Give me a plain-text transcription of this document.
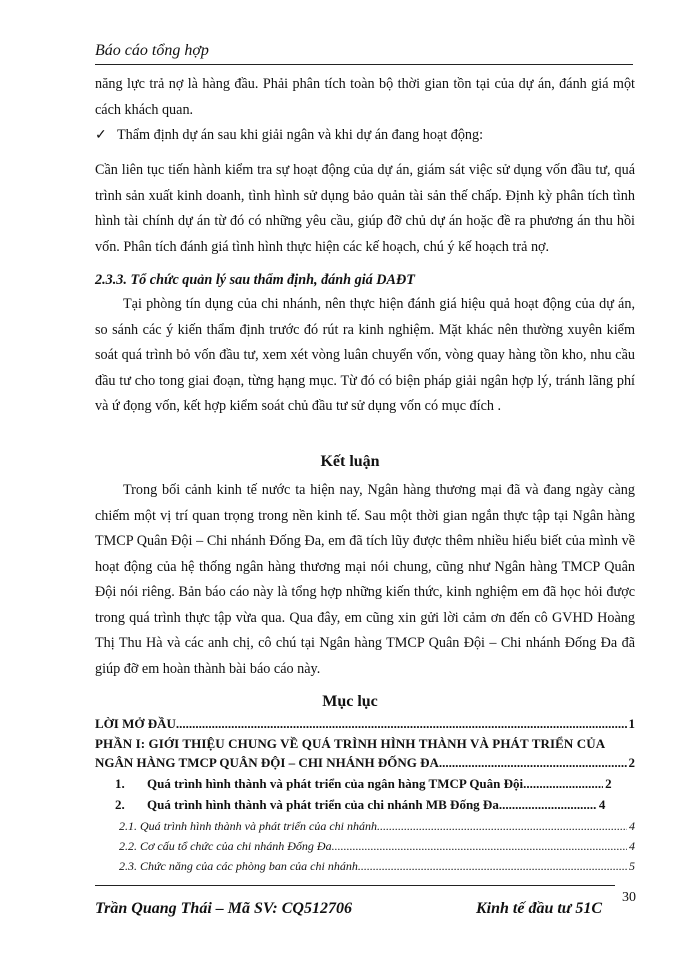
Báo cáo tổng hợp

năng lực trả nợ là hàng đầu. Phải phân tích toàn bộ thời gian tồn tại của dự án, đánh giá một cách khách quan.

✓ Thẩm định dự án sau khi giải ngân và khi dự án đang hoạt động:

Cần liên tục tiến hành kiểm tra sự hoạt động của dự án, giám sát việc sử dụng vốn đầu tư, quá trình sản xuất kinh doanh, tình hình sử dụng bảo quản tài sản thế chấp. Định kỳ phân tích tình hình tài chính dự án từ đó có những yêu cầu, giúp đỡ chủ dự án hoặc đề ra phương án thu hồi vốn. Phân tích đánh giá tình hình thực hiện các kế hoạch, chú ý kế hoạch trả nợ.

2.3.3. Tổ chức quản lý sau thẩm định, đánh giá DAĐT

Tại phòng tín dụng của chi nhánh, nên thực hiện đánh giá hiệu quả hoạt động của dự án, so sánh các ý kiến thẩm định trước đó rút ra kinh nghiệm. Mặt khác nên thường xuyên kiểm soát quá trình bỏ vốn đầu tư, xem xét vòng luân chuyển vốn, vòng quay hàng tồn kho, nhu cầu đầu tư cho tong giai đoạn, từng hạng mục. Từ đó có biện pháp giải ngân hợp lý, tránh lãng phí và ứ đọng vốn, kết hợp kiểm soát chủ đầu tư sử dụng vốn có mục đích .

Kết luận

Trong bối cảnh kinh tế nước ta hiện nay, Ngân hàng thương mại đã và đang ngày càng chiếm một vị trí quan trọng trong nền kinh tế. Sau một thời gian ngắn thực tập tại Ngân hàng TMCP Quân Đội – Chi nhánh Đống Đa, em đã tích lũy được thêm nhiều hiểu biết của mình về hoạt động của hệ thống ngân hàng thương mại nói chung, cũng như Ngân hàng TMCP Quân Đội nói riêng. Bản báo cáo này là tổng hợp những kiến thức, kinh nghiệm em đã học hỏi được trong quá trình thực tập vừa qua. Qua đây, em cũng xin gửi lời cảm ơn đến cô GVHD Hoàng Thị Thu Hà và các anh chị, cô chú tại Ngân hàng TMCP Quân Đội – Chi nhánh Đống Đa đã giúp đỡ em hoàn thành bài báo cáo này.

Mục lục
LỜI MỞ ĐẦU .....	1
PHẦN I: GIỚI THIỆU CHUNG VỀ QUÁ TRÌNH HÌNH THÀNH VÀ PHÁT TRIỂN CỦA
NGÂN HÀNG TMCP QUÂN ĐỘI – CHI NHÁNH ĐỐNG ĐA .....	2
1.	Quá trình hình thành và phát triển của ngân hàng TMCP Quân Đội .....	2
2.	Quá trình hình thành và phát triển của chi nhánh MB Đống Đa .....	4
2.1. Quá trình hình thành và phát triển của chi nhánh .....	4
2.2. Cơ cấu tổ chức của chi nhánh Đống Đa .....	4
2.3. Chức năng của các phòng ban của chi nhánh .....	5
30
Trần Quang Thái – Mã SV: CQ512706	Kinh tế đầu tư 51C
